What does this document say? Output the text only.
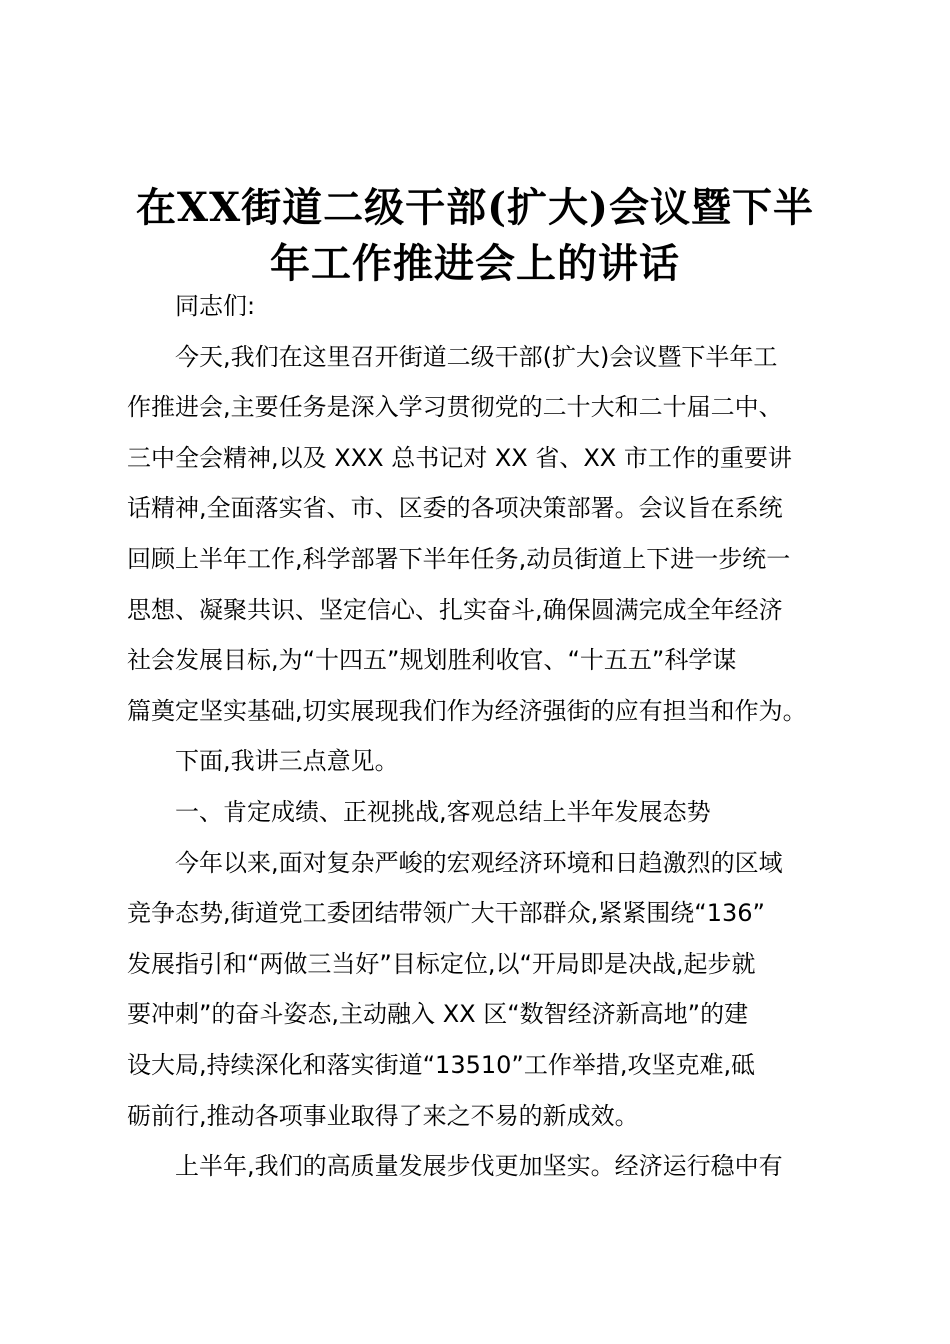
在XX街道二级干部(扩大)会议暨下半
年工作推进会上的讲话

同志们:

今天,我们在这里召开街道二级干部(扩大)会议暨下半年工
作推进会,主要任务是深入学习贯彻党的二十大和二十届二中、
三中全会精神,以及 XXX 总书记对 XX 省、XX 市工作的重要讲
话精神,全面落实省、市、区委的各项决策部署。会议旨在系统
回顾上半年工作,科学部署下半年任务,动员街道上下进一步统一
思想、凝聚共识、坚定信心、扎实奋斗,确保圆满完成全年经济
社会发展目标,为“十四五”规划胜利收官、“十五五”科学谋
篇奠定坚实基础,切实展现我们作为经济强街的应有担当和作为。

下面,我讲三点意见。

一、肯定成绩、正视挑战,客观总结上半年发展态势

今年以来,面对复杂严峻的宏观经济环境和日趋激烈的区域
竞争态势,街道党工委团结带领广大干部群众,紧紧围绕“136”
发展指引和“两做三当好”目标定位,以“开局即是决战,起步就
要冲刺”的奋斗姿态,主动融入 XX 区“数智经济新高地”的建
设大局,持续深化和落实街道“13510”工作举措,攻坚克难,砥
砺前行,推动各项事业取得了来之不易的新成效。

上半年,我们的高质量发展步伐更加坚实。经济运行稳中有
